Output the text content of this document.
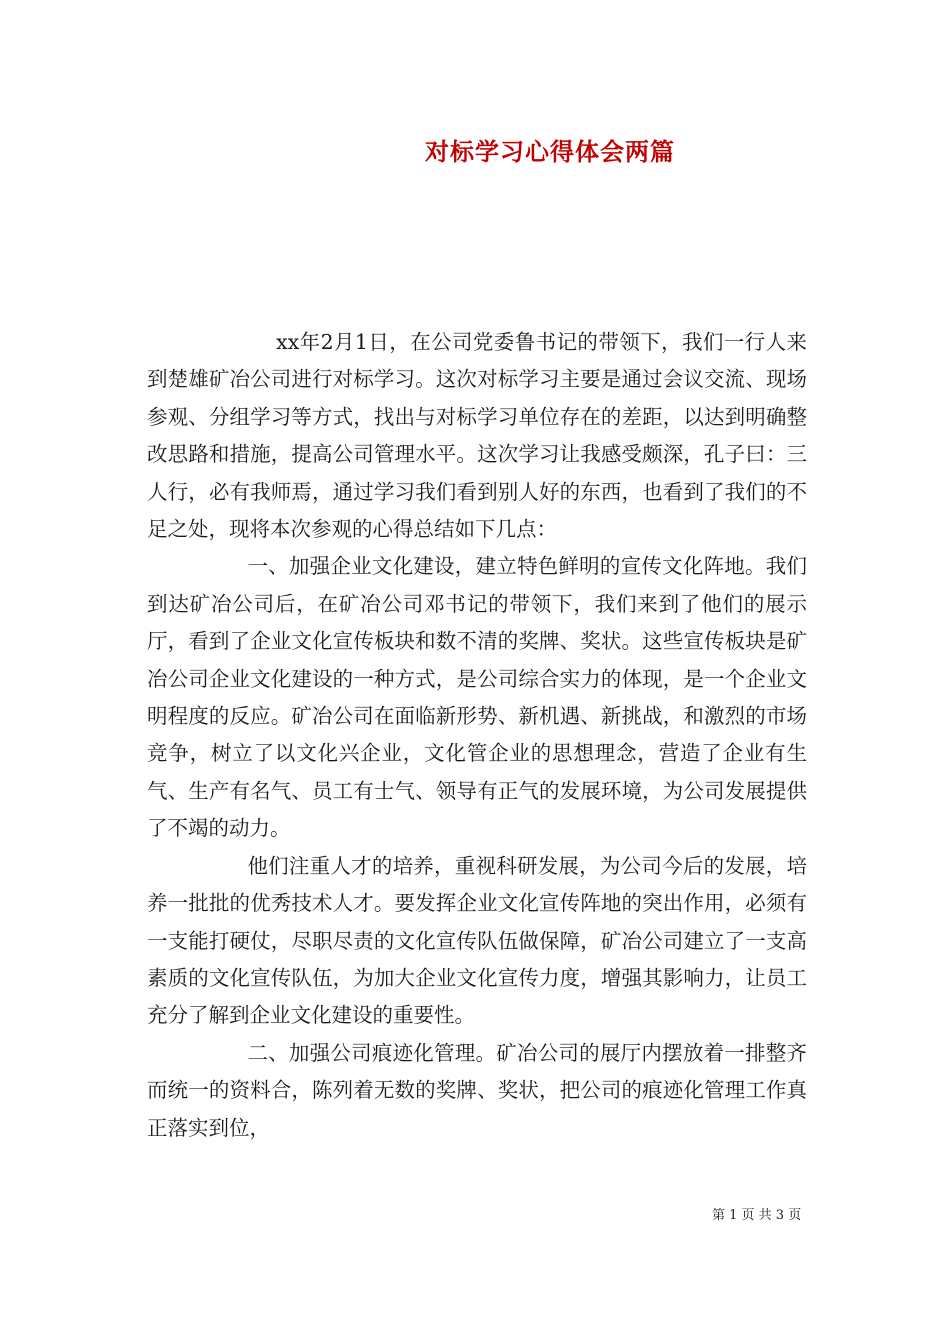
对标学习心得体会两篇

xx年2月1日，在公司党委鲁书记的带领下，我们一行人来到楚雄矿冶公司进行对标学习。这次对标学习主要是通过会议交流、现场参观、分组学习等方式，找出与对标学习单位存在的差距，以达到明确整改思路和措施，提高公司管理水平。这次学习让我感受颇深，孔子曰：三人行，必有我师焉，通过学习我们看到别人好的东西，也看到了我们的不足之处，现将本次参观的心得总结如下几点：

一、加强企业文化建设，建立特色鲜明的宣传文化阵地。我们到达矿冶公司后，在矿冶公司邓书记的带领下，我们来到了他们的展示厅，看到了企业文化宣传板块和数不清的奖牌、奖状。这些宣传板块是矿冶公司企业文化建设的一种方式，是公司综合实力的体现，是一个企业文明程度的反应。矿冶公司在面临新形势、新机遇、新挑战，和激烈的市场竞争，树立了以文化兴企业，文化管企业的思想理念，营造了企业有生气、生产有名气、员工有士气、领导有正气的发展环境，为公司发展提供了不竭的动力。

他们注重人才的培养，重视科研发展，为公司今后的发展，培养一批批的优秀技术人才。要发挥企业文化宣传阵地的突出作用，必须有一支能打硬仗，尽职尽责的文化宣传队伍做保障，矿冶公司建立了一支高素质的文化宣传队伍，为加大企业文化宣传力度，增强其影响力，让员工充分了解到企业文化建设的重要性。

二、加强公司痕迹化管理。矿冶公司的展厅内摆放着一排整齐而统一的资料合，陈列着无数的奖牌、奖状，把公司的痕迹化管理工作真正落实到位，

第 1 页 共 3 页
